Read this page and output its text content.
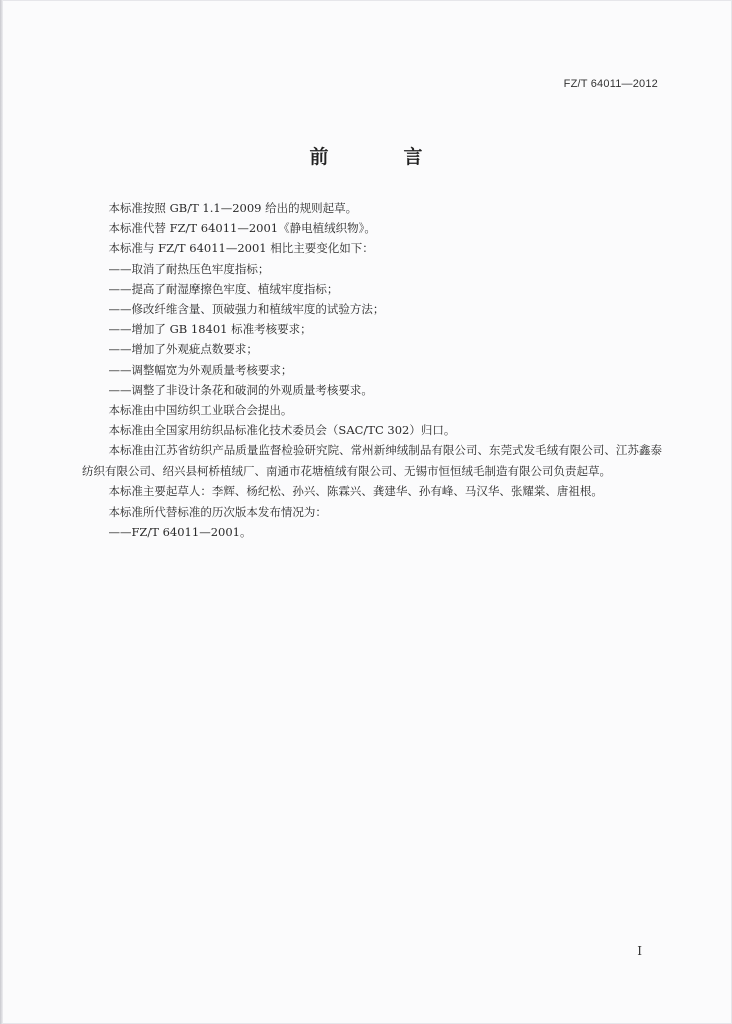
FZ/T 64011—2012
前　言

本标准按照 GB/T 1.1—2009 给出的规则起草。

本标准代替 FZ/T 64011—2001《静电植绒织物》。

本标准与 FZ/T 64011—2001 相比主要变化如下：

——取消了耐热压色牢度指标；

——提高了耐湿摩擦色牢度、植绒牢度指标；

——修改纤维含量、顶破强力和植绒牢度的试验方法；

——增加了 GB 18401 标准考核要求；

——增加了外观疵点数要求；

——调整幅宽为外观质量考核要求；

——调整了非设计条花和破洞的外观质量考核要求。

本标准由中国纺织工业联合会提出。

本标准由全国家用纺织品标准化技术委员会（SAC/TC 302）归口。

本标准由江苏省纺织产品质量监督检验研究院、常州新绅绒制品有限公司、东莞式发毛绒有限公司、江苏鑫泰纺织有限公司、绍兴县柯桥植绒厂、南通市花塘植绒有限公司、无锡市恒恒绒毛制造有限公司负责起草。

本标准主要起草人：李辉、杨纪松、孙兴、陈霖兴、龚建华、孙有峰、马汉华、张耀棠、唐祖根。

本标准所代替标准的历次版本发布情况为：

——FZ/T 64011—2001。

I
